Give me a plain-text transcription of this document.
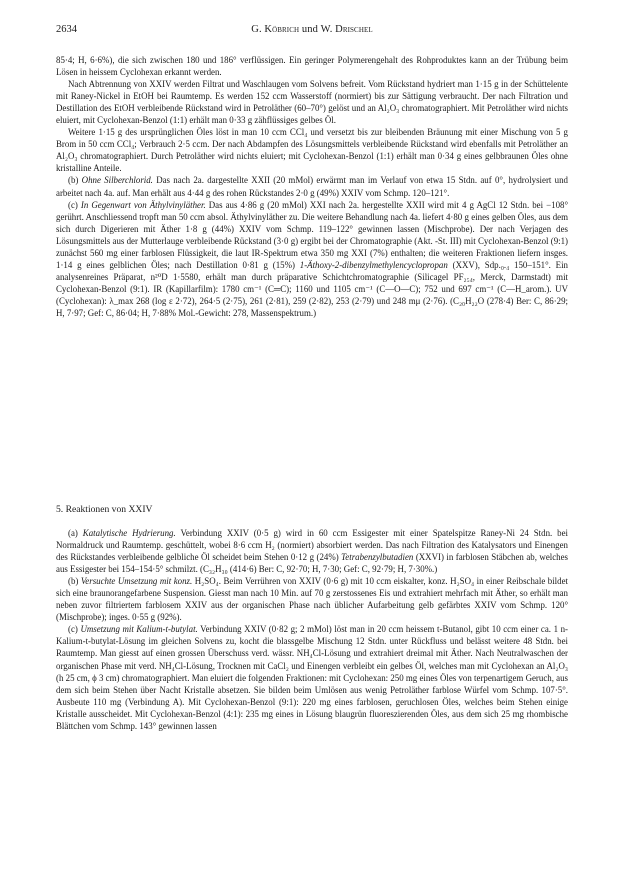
2634	G. Köbrich und W. Drischel

85·4; H, 6·6%), die sich zwischen 180 und 186° verflüssigen. Ein geringer Polymerengehalt des Rohproduktes kann an der Trübung beim Lösen in heissem Cyclohexan erkannt werden.

Nach Abtrennung von XXIV werden Filtrat und Waschlaugen vom Solvens befreit. Vom Rückstand hydriert man 1·15 g in der Schüttelente mit Raney-Nickel in EtOH bei Raumtemp. Es werden 152 ccm Wasserstoff (normiert) bis zur Sättigung verbraucht. Der nach Filtration und Destillation des EtOH verbleibende Rückstand wird in Petroläther (60–70°) gelöst und an Al₂O₃ chromatographiert. Mit Petroläther wird nichts eluiert, mit Cyclohexan-Benzol (1:1) erhält man 0·33 g zähflüssiges gelbes Öl.

Weitere 1·15 g des ursprünglichen Öles löst in man 10 ccm CCl₄ und versetzt bis zur bleibenden Bräunung mit einer Mischung von 5 g Brom in 50 ccm CCl₄; Verbrauch 2·5 ccm. Der nach Abdampfen des Lösungsmittels verbleibende Rückstand wird ebenfalls mit Petroläther an Al₂O₃ chromatographiert. Durch Petroläther wird nichts eluiert; mit Cyclohexan-Benzol (1:1) erhält man 0·34 g eines gelbbraunen Öles ohne kristalline Anteile.

(b) Ohne Silberchlorid. Das nach 2a. dargestellte XXII (20 mMol) erwärmt man im Verlauf von etwa 15 Stdn. auf 0°, hydrolysiert und arbeitet nach 4a. auf. Man erhält aus 4·44 g des rohen Rückstandes 2·0 g (49%) XXIV vom Schmp. 120–121°.

(c) In Gegenwart von Äthylvinyläther. Das aus 4·86 g (20 mMol) XXI nach 2a. hergestellte XXII wird mit 4 g AgCl 12 Stdn. bei −108° gerührt. Anschliessend tropft man 50 ccm absol. Äthylvinyläther zu. Die weitere Behandlung nach 4a. liefert 4·80 g eines gelben Öles, aus dem sich durch Digerieren mit Äther 1·8 g (44%) XXIV vom Schmp. 119–122° gewinnen lassen (Mischprobe). Der nach Verjagen des Lösungsmittels aus der Mutterlauge verbleibende Rückstand (3·0 g) ergibt bei der Chromatographie (Akt. -St. III) mit Cyclohexan-Benzol (9:1) zunächst 560 mg einer farblosen Flüssigkeit, die laut IR-Spektrum etwa 350 mg XXI (7%) enthalten; die weiteren Fraktionen liefern insges. 1·14 g eines gelblichen Öles; nach Destillation 0·81 g (15%) 1-Äthoxy-2-dibenzylmethylencyclopropan (XXV), Sdp.₀.₄ 150–151°. Ein analysenreines Präparat, n²⁰D 1·5580, erhält man durch präparative Schichtchromatographie (Silicagel PF₂₅₄, Merck, Darmstadt) mit Cyclohexan-Benzol (9:1). IR (Kapillarfilm): 1780 cm⁻¹ (C═C); 1160 und 1105 cm⁻¹ (C—O—C); 752 und 697 cm⁻¹ (C—H_arom.). UV (Cyclohexan): λ_max 268 (log ε 2·72), 264·5 (2·75), 261 (2·81), 259 (2·82), 253 (2·79) und 248 mμ (2·76). (C₂₀H₂₂O (278·4) Ber: C, 86·29; H, 7·97; Gef: C, 86·04; H, 7·88% Mol.-Gewicht: 278, Massenspektrum.)

5. Reaktionen von XXIV

(a) Katalytische Hydrierung. Verbindung XXIV (0·5 g) wird in 60 ccm Essigester mit einer Spatelspitze Raney-Ni 24 Stdn. bei Normaldruck und Raumtemp. geschüttelt, wobei 8·6 ccm H₂ (normiert) absorbiert werden. Das nach Filtration des Katalysators und Einengen des Rückstandes verbleibende gelbliche Öl scheidet beim Stehen 0·12 g (24%) Tetrabenzylbutadien (XXVI) in farblosen Stäbchen ab, welches aus Essigester bei 154–154·5° schmilzt. (C₃₂H₃₀ (414·6) Ber: C, 92·70; H, 7·30; Gef: C, 92·79; H, 7·30%.)

(b) Versuchte Umsetzung mit konz. H₂SO₄. Beim Verrühren von XXIV (0·6 g) mit 10 ccm eiskalter, konz. H₂SO₄ in einer Reibschale bildet sich eine braunorangefarbene Suspension. Giesst man nach 10 Min. auf 70 g zerstossenes Eis und extrahiert mehrfach mit Äther, so erhält man neben zuvor filtriertem farblosem XXIV aus der organischen Phase nach üblicher Aufarbeitung gelb gefärbtes XXIV vom Schmp. 120° (Mischprobe); inges. 0·55 g (92%).

(c) Umsetzung mit Kalium-t-butylat. Verbindung XXIV (0·82 g; 2 mMol) löst man in 20 ccm heissem t-Butanol, gibt 10 ccm einer ca. 1 n-Kalium-t-butylat-Lösung im gleichen Solvens zu, kocht die blassgelbe Mischung 12 Stdn. unter Rückfluss und belässt weitere 48 Stdn. bei Raumtemp. Man giesst auf einen grossen Überschuss verd. wässr. NH₄Cl-Lösung und extrahiert dreimal mit Äther. Nach Neutralwaschen der organischen Phase mit verd. NH₄Cl-Lösung, Trocknen mit CaCl₂ und Einengen verbleibt ein gelbes Öl, welches man mit Cyclohexan an Al₂O₃ (h 25 cm, ϕ 3 cm) chromatographiert. Man eluiert die folgenden Fraktionen: mit Cyclohexan: 250 mg eines Öles von terpenartigem Geruch, aus dem sich beim Stehen über Nacht Kristalle absetzen. Sie bilden beim Umlösen aus wenig Petroläther farblose Würfel vom Schmp. 107·5°. Ausbeute 110 mg (Verbindung A). Mit Cyclohexan-Benzol (9:1): 220 mg eines farblosen, geruchlosen Öles, welches beim Stehen einige Kristalle ausscheidet. Mit Cyclohexan-Benzol (4:1): 235 mg eines in Lösung blaugrün fluoreszierenden Öles, aus dem sich 25 mg rhombische Blättchen vom Schmp. 143° gewinnen lassen
